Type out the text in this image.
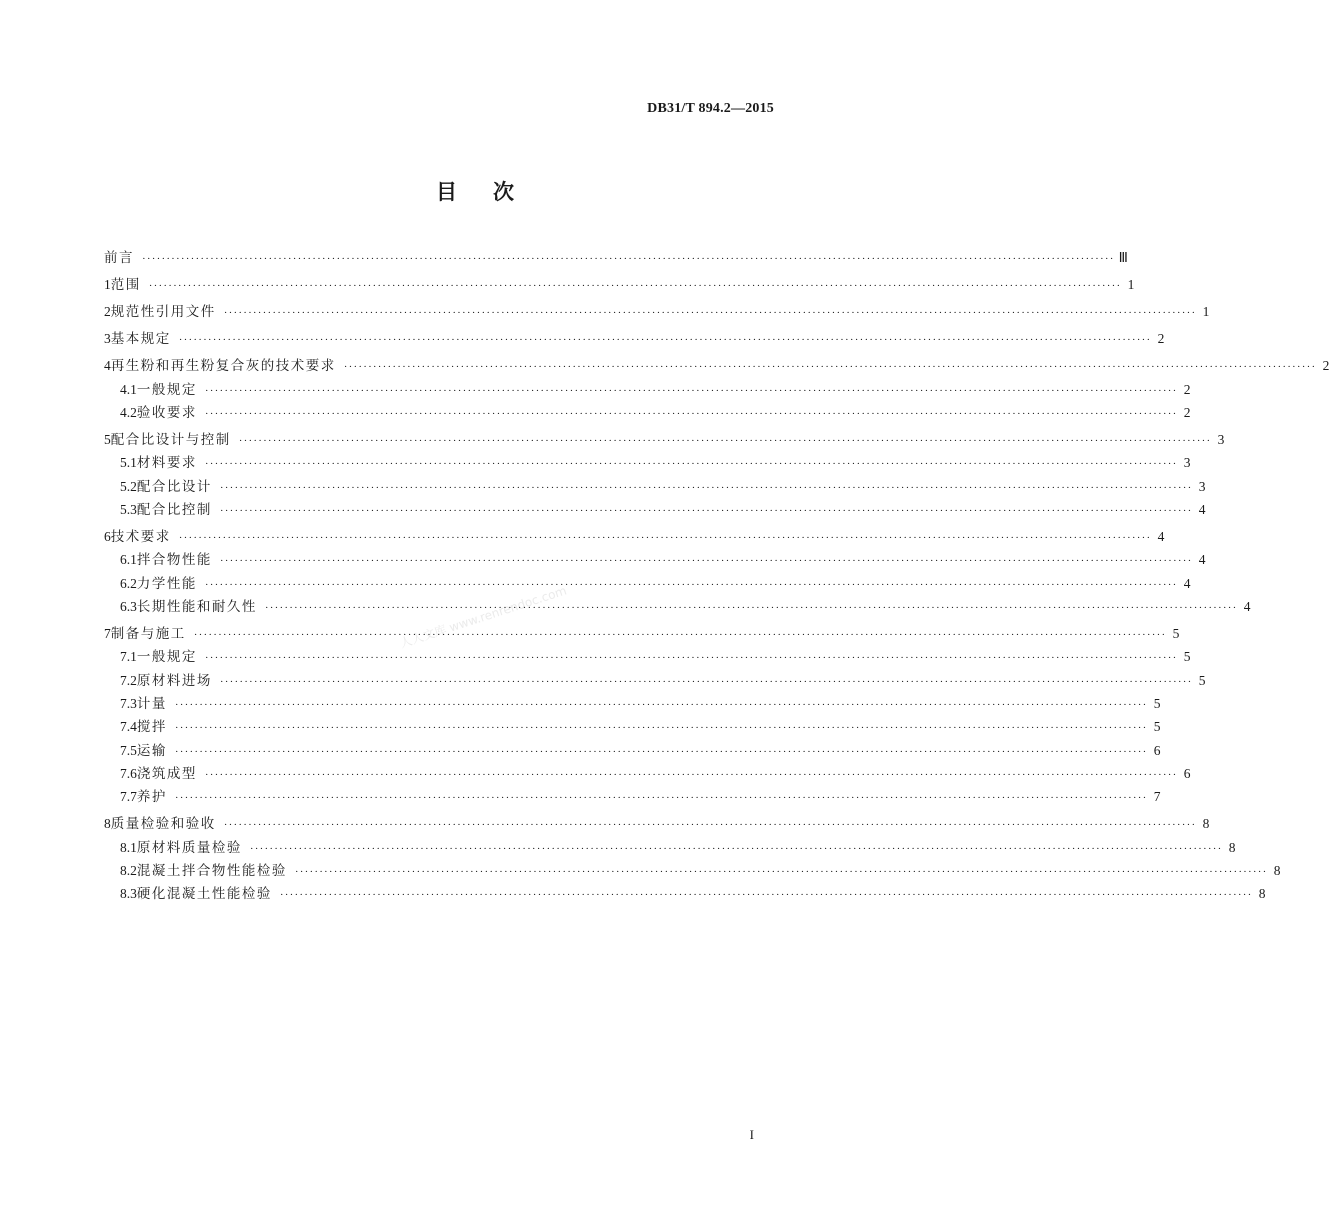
DB31/T 894.2—2015
目次
人人文库 www.renrendoc.com
前言 ········································································································································································································ Ⅲ
1 范围 ········································································································································································································ 1
2 规范性引用文件 ········································································································································································································ 1
3 基本规定 ········································································································································································································ 2
4 再生粉和再生粉复合灰的技术要求 ········································································································································································································ 2
4.1 一般规定 ········································································································································································································ 2
4.2 验收要求 ········································································································································································································ 2
5 配合比设计与控制 ········································································································································································································ 3
5.1 材料要求 ········································································································································································································ 3
5.2 配合比设计 ········································································································································································································ 3
5.3 配合比控制 ········································································································································································································ 4
6 技术要求 ········································································································································································································ 4
6.1 拌合物性能 ········································································································································································································ 4
6.2 力学性能 ········································································································································································································ 4
6.3 长期性能和耐久性 ········································································································································································································ 4
7 制备与施工 ········································································································································································································ 5
7.1 一般规定 ········································································································································································································ 5
7.2 原材料进场 ········································································································································································································ 5
7.3 计量 ········································································································································································································ 5
7.4 搅拌 ········································································································································································································ 5
7.5 运输 ········································································································································································································ 6
7.6 浇筑成型 ········································································································································································································ 6
7.7 养护 ········································································································································································································ 7
8 质量检验和验收 ········································································································································································································ 8
8.1 原材料质量检验 ········································································································································································································ 8
8.2 混凝土拌合物性能检验 ········································································································································································································ 8
8.3 硬化混凝土性能检验 ········································································································································································································ 8
I
